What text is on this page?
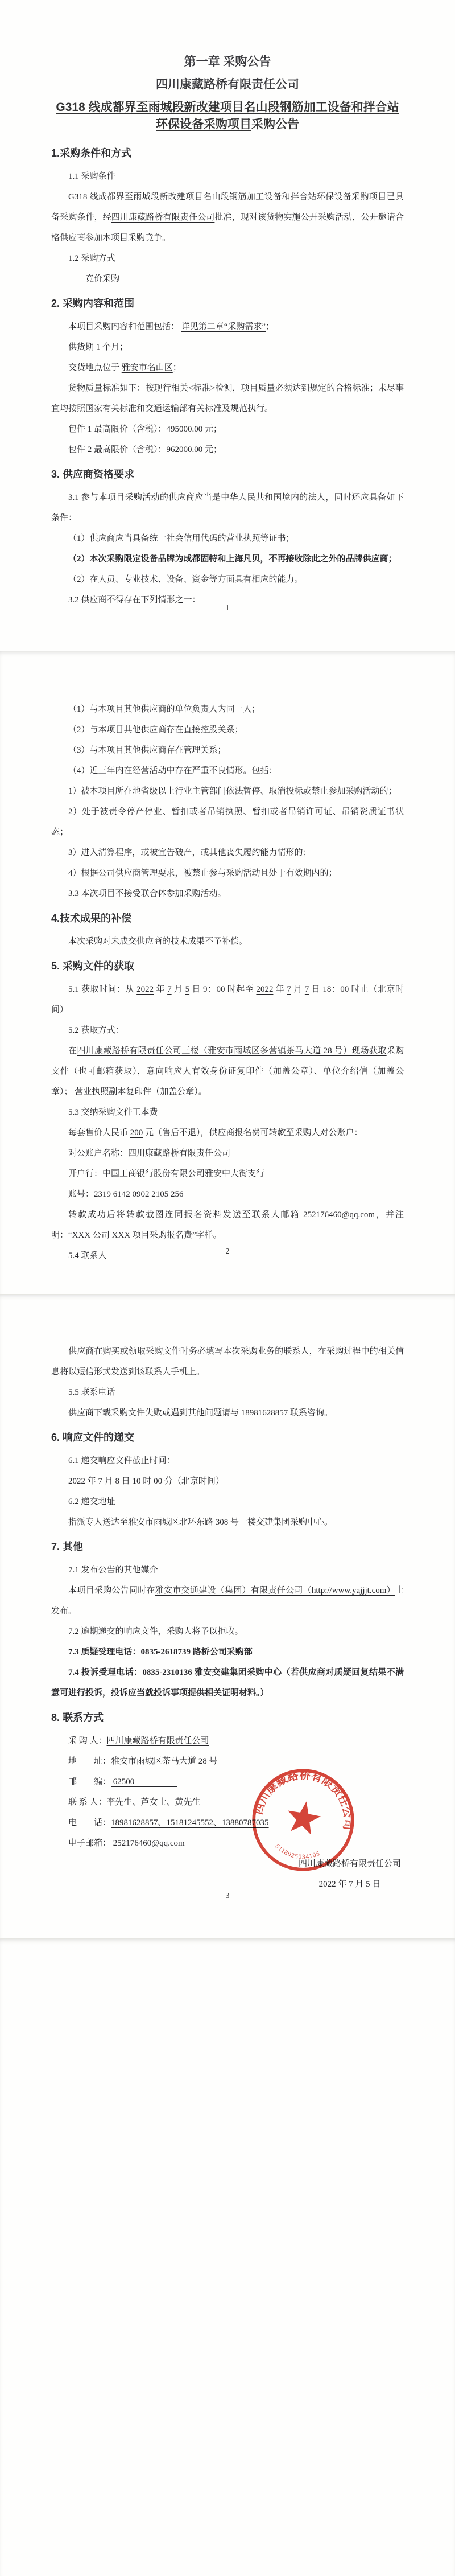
第一章 采购公告
四川康藏路桥有限责任公司
G318 线成都界至雨城段新改建项目名山段钢筋加工设备和拌合站环保设备采购项目采购公告
1.采购条件和方式
1.1 采购条件
G318 线成都界至雨城段新改建项目名山段钢筋加工设备和拌合站环保设备采购项目已具备采购条件，经四川康藏路桥有限责任公司批准，现对该货物实施公开采购活动，公开邀请合格供应商参加本项目采购竞争。
1.2 采购方式
　　竞价采购
2. 采购内容和范围
本项目采购内容和范围包括： 详见第二章“采购需求”；
供货期 1 个月；
交货地点位于 雅安市名山区；
货物质量标准如下：按现行相关<标准>检测，项目质量必须达到规定的合格标准；未尽事宜均按照国家有关标准和交通运输部有关标准及规范执行。
包件 1 最高限价（含税）：495000.00 元；
包件 2 最高限价（含税）：962000.00 元；
3. 供应商资格要求
3.1 参与本项目采购活动的供应商应当是中华人民共和国境内的法人，同时还应具备如下条件：
（1）供应商应当具备统一社会信用代码的营业执照等证书；
（2）本次采购限定设备品牌为成都固特和上海凡贝，不再接收除此之外的品牌供应商；
（2）在人员、专业技术、设备、资金等方面具有相应的能力。
3.2 供应商不得存在下列情形之一：
1
（1）与本项目其他供应商的单位负责人为同一人；
（2）与本项目其他供应商存在直接控股关系；
（3）与本项目其他供应商存在管理关系；
（4）近三年内在经营活动中存在严重不良情形。包括：
1）被本项目所在地省级以上行业主管部门依法暂停、取消投标或禁止参加采购活动的；
2）处于被责令停产停业、暂扣或者吊销执照、暂扣或者吊销许可证、吊销资质证书状态；
3）进入清算程序，或被宣告破产，或其他丧失履约能力情形的；
4）根据公司供应商管理要求，被禁止参与采购活动且处于有效期内的；
3.3 本次项目不接受联合体参加采购活动。
4.技术成果的补偿
本次采购对未成交供应商的技术成果不予补偿。
5. 采购文件的获取
5.1 获取时间：从 2022 年 7 月 5 日 9：00 时起至 2022 年 7 月 7 日 18：00 时止（北京时间）
5.2 获取方式：
在四川康藏路桥有限责任公司三楼（雅安市雨城区多营镇茶马大道 28 号）现场获取采购文件（也可邮箱获取），意向响应人有效身份证复印件（加盖公章）、单位介绍信（加盖公章）； 营业执照副本复印件（加盖公章）。
5.3 交纳采购文件工本费
每套售价人民币 200 元（售后不退），供应商报名费可转款至采购人对公账户：
对公账户名称：四川康藏路桥有限责任公司
开户行：中国工商银行股份有限公司雅安中大街支行
账号：2319 6142 0902 2105 256
转款成功后将转款截图连同报名资料发送至联系人邮箱 252176460@qq.com，并注明：“XXX 公司 XXX 项目采购报名费”字样。
5.4 联系人	2
供应商在购买或领取采购文件时务必填写本次采购业务的联系人，在采购过程中的相关信息将以短信形式发送到该联系人手机上。
5.5 联系电话
供应商下载采购文件失败或遇到其他问题请与 18981628857 联系咨询。
6. 响应文件的递交
6.1 递交响应文件截止时间：
2022 年 7 月 8 日 10 时 00 分（北京时间）
6.2 递交地址
指派专人送达至雅安市雨城区北环东路 308 号一楼交建集团采购中心。
7. 其他
7.1 发布公告的其他媒介
本项目采购公告同时在雅安市交通建设（集团）有限责任公司（http://www.yajjjt.com）上发布。
7.2 逾期递交的响应文件，采购人将予以拒收。
7.3 质疑受理电话：0835-2618739 路桥公司采购部
7.4 投诉受理电话：0835-2310136 雅安交建集团采购中心（若供应商对质疑回复结果不满意可进行投诉，投诉应当就投诉事项提供相关证明材料。）
8. 联系方式
采 购 人：四川康藏路桥有限责任公司
地　　址：雅安市雨城区茶马大道 28 号
邮　　编： 62500　　　　　
联 系 人：李先生、芦女士、黄先生
电　　话：18981628857、15181245552、13880787035
电子邮箱： 252176460@qq.com　
四川康藏路桥有限责任公司
2022 年 7 月 5 日
3
四川康藏路桥有限责任公司
5118025034105
